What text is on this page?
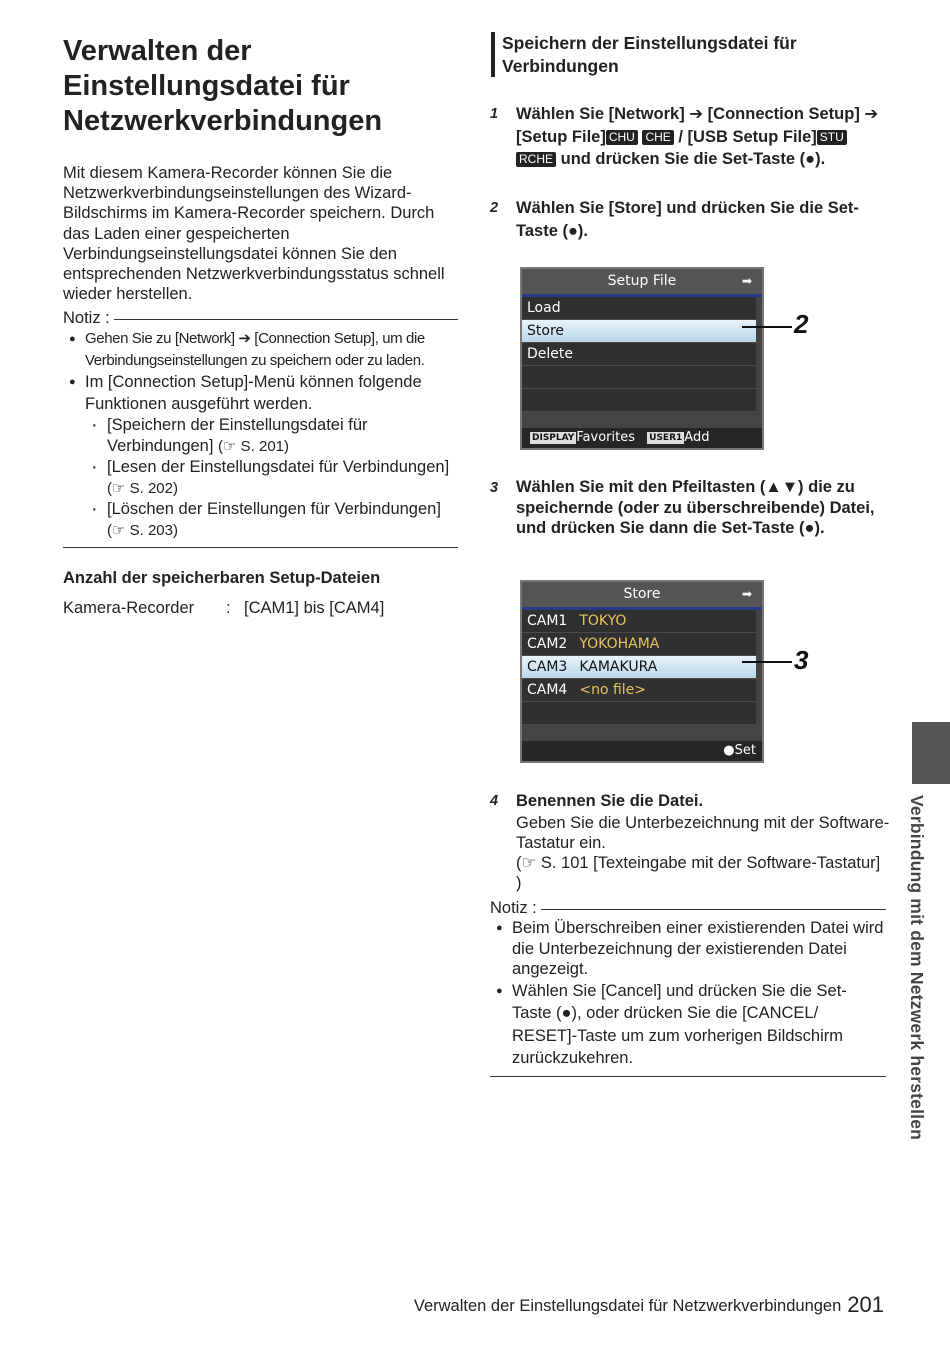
Verwalten der Einstellungsdatei für Netzwerkverbindungen
Mit diesem Kamera-Recorder können Sie die Netzwerkverbindungseinstellungen des Wizard-Bildschirms im Kamera-Recorder speichern. Durch das Laden einer gespeicherten Verbindungseinstellungsdatei können Sie den entsprechenden Netzwerkverbindungsstatus schnell wieder herstellen.
Notiz :
● Gehen Sie zu [Network] ➔ [Connection Setup], um die Verbindungseinstellungen zu speichern oder zu laden.
● Im [Connection Setup]-Menü können folgende Funktionen ausgeführt werden.
· [Speichern der Einstellungsdatei für Verbindungen] (☞ S. 201)
· [Lesen der Einstellungsdatei für Verbindungen] (☞ S. 202)
· [Löschen der Einstellungen für Verbindungen] (☞ S. 203)
Anzahl der speicherbaren Setup-Dateien
Kamera-Recorder : [CAM1] bis [CAM4]
Speichern der Einstellungsdatei für Verbindungen
1 Wählen Sie [Network] ➔ [Connection Setup] ➔ [Setup File] CHU CHE / [USB Setup File] STU RCHE und drücken Sie die Set-Taste (●).
2 Wählen Sie [Store] und drücken Sie die Set-Taste (●).
Setup File	➡
Load
Store
Delete
DISPLAY Favorites USER1 Add
2
3 Wählen Sie mit den Pfeiltasten (▲▼) die zu speichernde (oder zu überschreibende) Datei, und drücken Sie dann die Set-Taste (●).
Store	➡
CAM1 TOKYO
CAM2 YOKOHAMA
CAM3 KAMAKURA
CAM4 <no file>
●Set
3
4 Benennen Sie die Datei.
Geben Sie die Unterbezeichnung mit der Software-Tastatur ein.
(☞ S. 101 [Texteingabe mit der Software-Tastatur] )
Notiz :
● Beim Überschreiben einer existierenden Datei wird die Unterbezeichnung der existierenden Datei angezeigt.
● Wählen Sie [Cancel] und drücken Sie die Set-Taste (●), oder drücken Sie die [CANCEL/ RESET]-Taste um zum vorherigen Bildschirm zurückzukehren.	Verbindung mit dem Netzwerk herstellen
Verwalten der Einstellungsdatei für Netzwerkverbindungen 201
